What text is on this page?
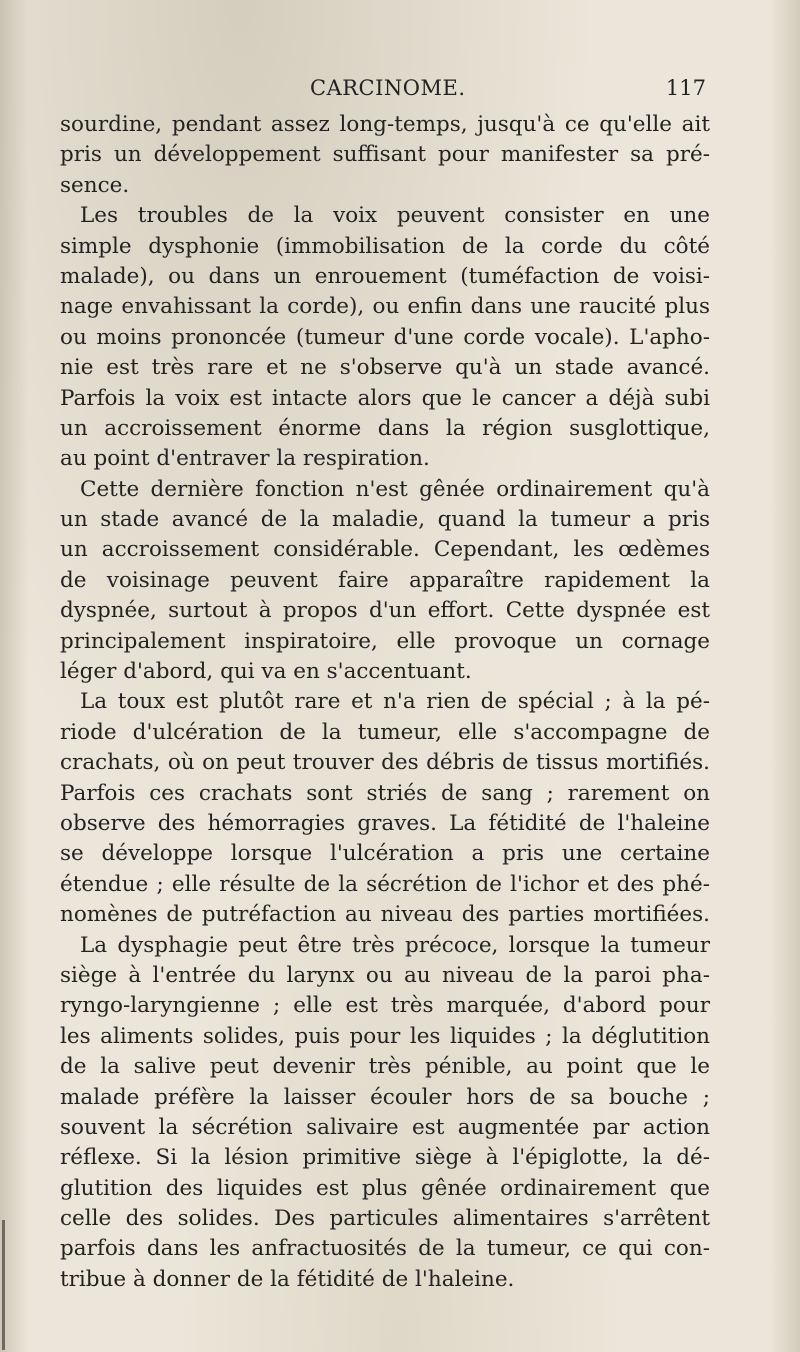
CARCINOME.	117
sourdine, pendant assez long-temps, jusqu'à ce qu'elle ait
pris un développement suffisant pour manifester sa pré-
sence.
Les troubles de la voix peuvent consister en une
simple dysphonie (immobilisation de la corde du côté
malade), ou dans un enrouement (tuméfaction de voisi-
nage envahissant la corde), ou enfin dans une raucité plus
ou moins prononcée (tumeur d'une corde vocale). L'apho-
nie est très rare et ne s'observe qu'à un stade avancé.
Parfois la voix est intacte alors que le cancer a déjà subi
un accroissement énorme dans la région susglottique,
au point d'entraver la respiration.
Cette dernière fonction n'est gênée ordinairement qu'à
un stade avancé de la maladie, quand la tumeur a pris
un accroissement considérable. Cependant, les œdèmes
de voisinage peuvent faire apparaître rapidement la
dyspnée, surtout à propos d'un effort. Cette dyspnée est
principalement inspiratoire, elle provoque un cornage
léger d'abord, qui va en s'accentuant.
La toux est plutôt rare et n'a rien de spécial ; à la pé-
riode d'ulcération de la tumeur, elle s'accompagne de
crachats, où on peut trouver des débris de tissus mortifiés.
Parfois ces crachats sont striés de sang ; rarement on
observe des hémorragies graves. La fétidité de l'haleine
se développe lorsque l'ulcération a pris une certaine
étendue ; elle résulte de la sécrétion de l'ichor et des phé-
nomènes de putréfaction au niveau des parties mortifiées.
La dysphagie peut être très précoce, lorsque la tumeur
siège à l'entrée du larynx ou au niveau de la paroi pha-
ryngo-laryngienne ; elle est très marquée, d'abord pour
les aliments solides, puis pour les liquides ; la déglutition
de la salive peut devenir très pénible, au point que le
malade préfère la laisser écouler hors de sa bouche ;
souvent la sécrétion salivaire est augmentée par action
réflexe. Si la lésion primitive siège à l'épiglotte, la dé-
glutition des liquides est plus gênée ordinairement que
celle des solides. Des particules alimentaires s'arrêtent
parfois dans les anfractuosités de la tumeur, ce qui con-
tribue à donner de la fétidité de l'haleine.
